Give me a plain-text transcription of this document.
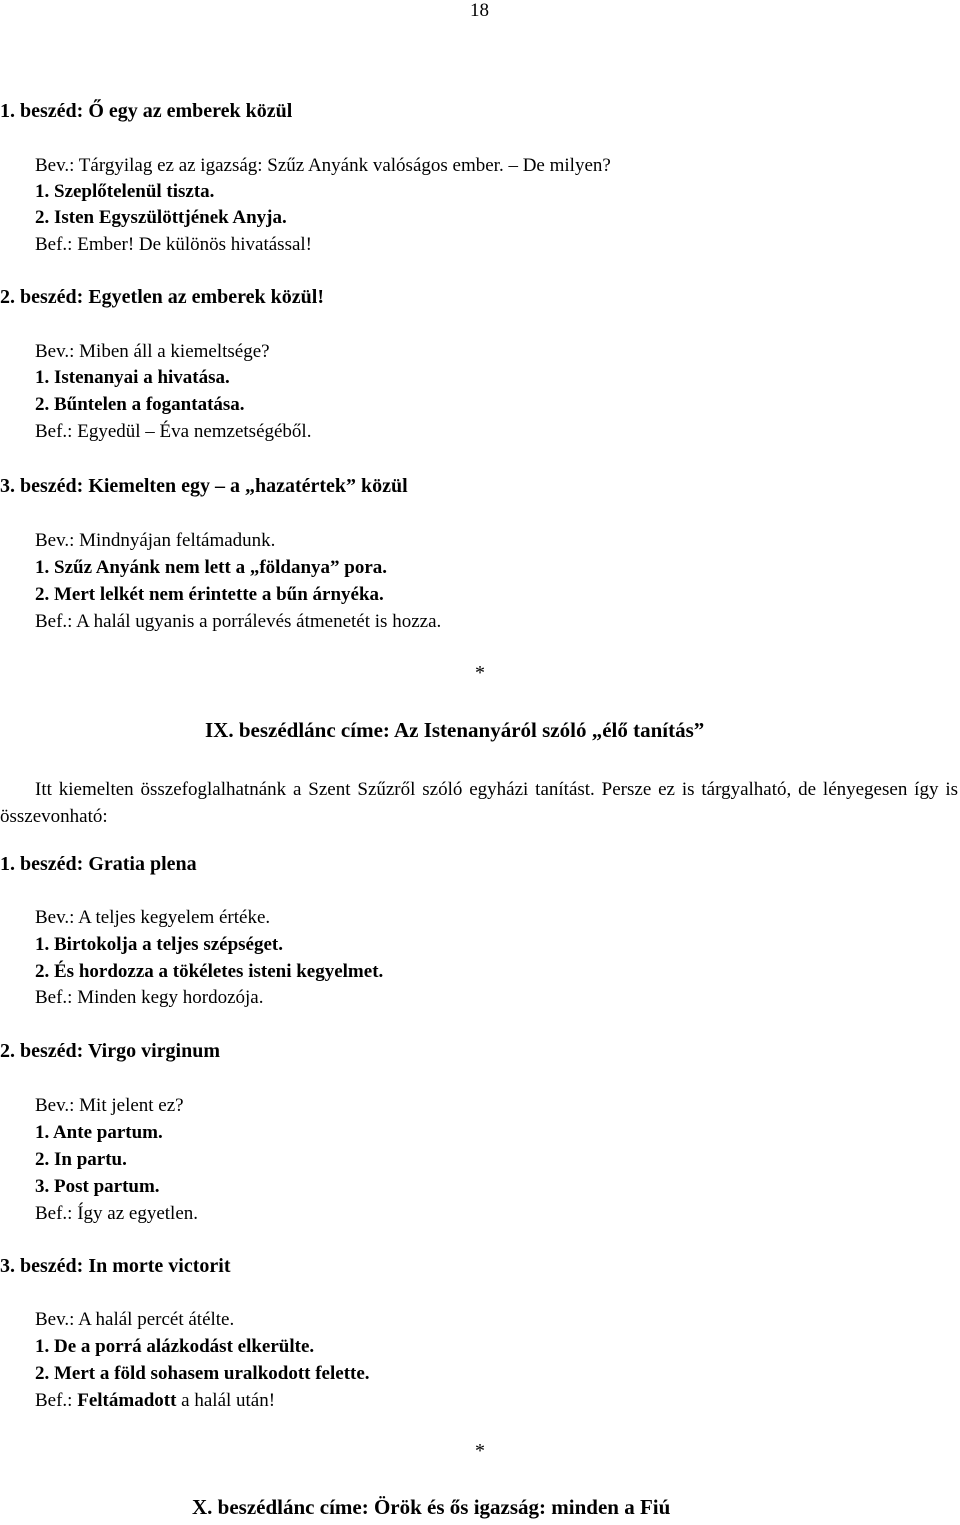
18
1. beszéd: Ő egy az emberek közül
Bev.: Tárgyilag ez az igazság: Szűz Anyánk valóságos ember. – De milyen?
1. Szeplőtelenül tiszta.
2. Isten Egyszülöttjének Anyja.
Bef.: Ember! De különös hivatással!
2. beszéd: Egyetlen az emberek közül!
Bev.: Miben áll a kiemeltsége?
1. Istenanyai a hivatása.
2. Bűntelen a fogantatása.
Bef.: Egyedül – Éva nemzetségéből.
3. beszéd: Kiemelten egy – a „hazatértek” közül
Bev.: Mindnyájan feltámadunk.
1. Szűz Anyánk nem lett a „földanya” pora.
2. Mert lelkét nem érintette a bűn árnyéka.
Bef.: A halál ugyanis a porrálevés átmenetét is hozza.
*
IX. beszédlánc címe: Az Istenanyáról szóló „élő tanítás”
Itt kiemelten összefoglalhatnánk a Szent Szűzről szóló egyházi tanítást. Persze ez is tárgyalható, de lényegesen így is összevonható:
1. beszéd: Gratia plena
Bev.: A teljes kegyelem értéke.
1. Birtokolja a teljes szépséget.
2. És hordozza a tökéletes isteni kegyelmet.
Bef.: Minden kegy hordozója.
2. beszéd: Virgo virginum
Bev.: Mit jelent ez?
1. Ante partum.
2. In partu.
3. Post partum.
Bef.: Így az egyetlen.
3. beszéd: In morte victorit
Bev.: A halál percét átélte.
1. De a porrá alázkodást elkerülte.
2. Mert a föld sohasem uralkodott felette.
Bef.: Feltámadott a halál után!
*
X. beszédlánc címe: Örök és ős igazság: minden a Fiú
